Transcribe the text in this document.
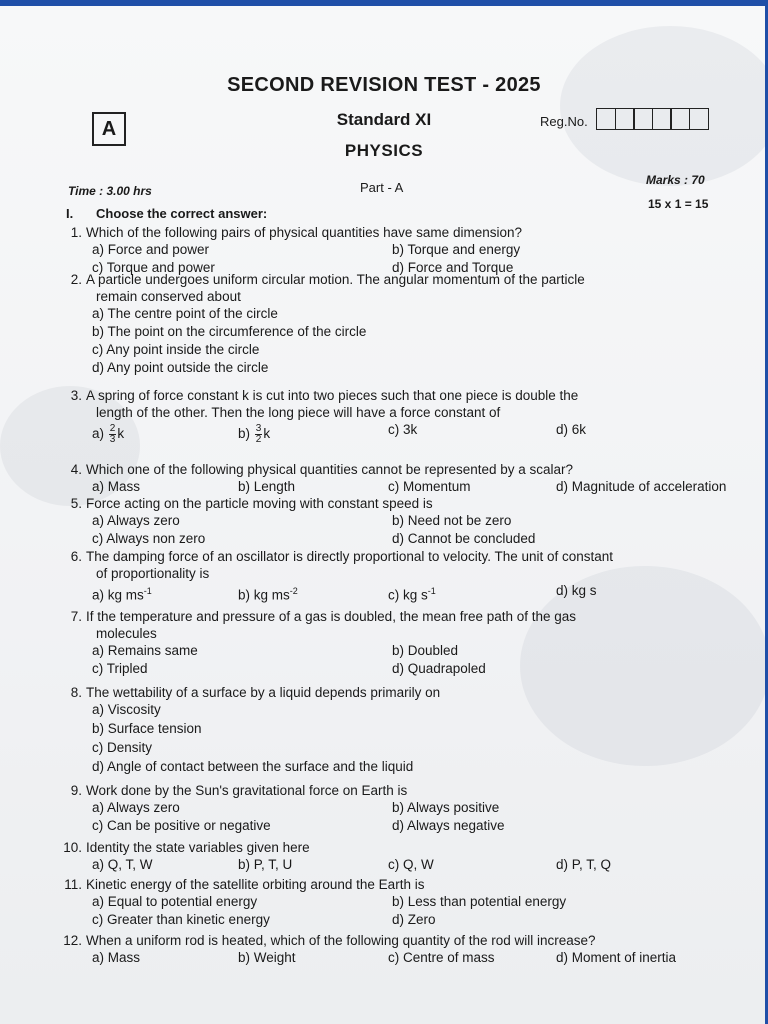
SECOND REVISION TEST - 2025
A	Standard XI	Reg.No.
PHYSICS
Time : 3.00 hrs	Part - A	Marks : 70
15 x 1 = 15
I. Choose the correct answer:
1. Which of the following pairs of physical quantities have same dimension?
a) Force and power	b) Torque and energy
c) Torque and power	d) Force and Torque
2. A particle undergoes uniform circular motion. The angular momentum of the particle
remain conserved about
a) The centre point of the circle
b) The point on the circumference of the circle
c) Any point inside the circle
d) Any point outside the circle
3. A spring of force constant k is cut into two pieces such that one piece is double the
length of the other. Then the long piece will have a force constant of
$a) \frac{2}{3}$ k	$b) \frac{3}{2}$ k	c) 3k	d) 6k
4. Which one of the following physical quantities cannot be represented by a scalar?
a) Mass	b) Length	c) Momentum	d) Magnitude of acceleration
5. Force acting on the particle moving with constant speed is
a) Always zero	b) Need not be zero
c) Always non zero	d) Cannot be concluded
6. The damping force of an oscillator is directly proportional to velocity. The unit of constant
of proportionality is
a) kg $ms^{-1}$	b) kg $ms^{-2}$	c) kg $s^{-1}$	d) kg s
7. If the temperature and pressure of a gas is doubled, the mean free path of the gas
molecules
a) Remains same	b) Doubled
c) Tripled	d) Quadrapoled
8. The wettability of a surface by a liquid depends primarily on
a) Viscosity
b) Surface tension
c) Density
d) Angle of contact between the surface and the liquid
9. Work done by the Sun's gravitational force on Earth is
a) Always zero	b) Always positive
c) Can be positive or negative	d) Always negative
10. Identity the state variables given here
a) Q, T, W	b) P, T, U	c) Q, W	d) P, T, Q
11. Kinetic energy of the satellite orbiting around the Earth is
a) Equal to potential energy	b) Less than potential energy
c) Greater than kinetic energy	d) Zero
12. When a uniform rod is heated, which of the following quantity of the rod will increase?
a) Mass	b) Weight	c) Centre of mass	d) Moment of inertia
